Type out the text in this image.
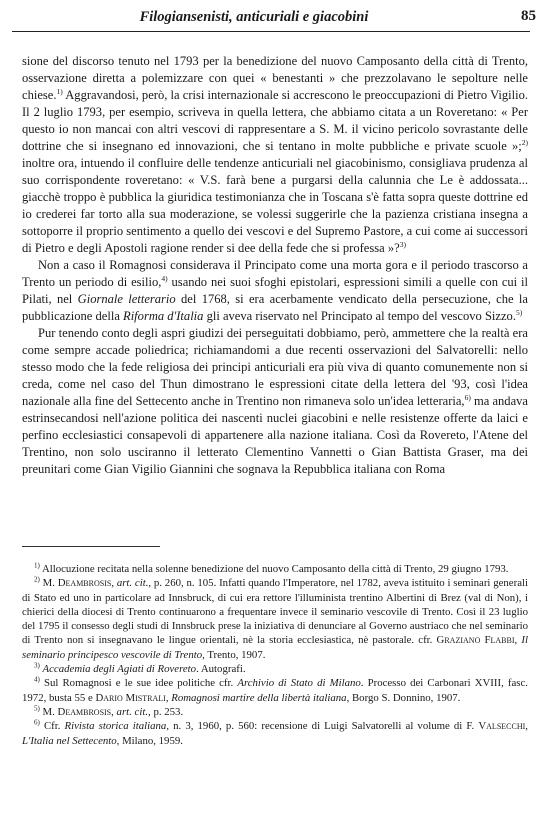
Filogiansenisti, anticuriali e giacobini	85

sione del discorso tenuto nel 1793 per la benedizione del nuovo Camposanto della città di Trento, osservazione diretta a polemizzare con quei « benestanti » che prezzolavano le sepolture nelle chiese.$^{1)}$ Aggravandosi, però, la crisi internazionale si accrescono le preoccupazioni di Pietro Vigilio. Il 2 luglio 1793, per esempio, scriveva in quella lettera, che abbiamo citata a un Roveretano: « Per questo io non mancai con altri vescovi di rappresentare a S. M. il vicino pericolo sovrastante delle dottrine che si insegnano ed innovazioni, che si tentano in molte pubbliche e private scuole »;$^{2)}$ inoltre ora, intuendo il confluire delle tendenze anticuriali nel giacobinismo, consigliava prudenza al suo corrispondente roveretano: « V.S. farà bene a purgarsi della calunnia che Le è addossata... giacchè troppo è pubblica la giuridica testimonianza che in Toscana s'è fatta sopra queste dottrine ed io crederei far torto alla sua moderazione, se volessi suggerirle che la pazienza cristiana insegna a sottoporre il proprio sentimento a quello dei vescovi e del Supremo Pastore, a cui come ai successori di Pietro e degli Apostoli ragione render si dee della fede che si professa »?$^{3)}$

Non a caso il Romagnosi considerava il Principato come una morta gora e il periodo trascorso a Trento un periodo di esilio,$^{4)}$ usando nei suoi sfoghi epistolari, espressioni simili a quelle con cui il Pilati, nel Giornale letterario del 1768, si era acerbamente vendicato della persecuzione, che la pubblicazione della Riforma d'Italia gli aveva riservato nel Principato al tempo del vescovo Sizzo.$^{5)}$

Pur tenendo conto degli aspri giudizi dei perseguitati dobbiamo, però, ammettere che la realtà era come sempre accade poliedrica; richiamandomi a due recenti osservazioni del Salvatorelli: nello stesso modo che la fede religiosa dei principi anticuriali era più viva di quanto comunemente non si creda, come nel caso del Thun dimostrano le espressioni citate della lettera del '93, così l'idea nazionale alla fine del Settecento anche in Trentino non rimaneva solo un'idea letteraria,$^{6)}$ ma andava estrinsecandosi nell'azione politica dei nascenti nuclei giacobini e nelle resistenze offerte da laici e perfino ecclesiastici consapevoli di appartenere alla nazione italiana. Così da Rovereto, l'Atene del Trentino, non solo usciranno il letterato Clementino Vannetti o Gian Battista Graser, ma dei preunitari come Gian Vigilio Giannini che sognava la Repubblica italiana con Roma

$^{1)}$ Allocuzione recitata nella solenne benedizione del nuovo Camposanto della città di Trento, 29 giugno 1793.

$^{2)}$ M. Deambrosis, art. cit., p. 260, n. 105. Infatti quando l'Imperatore, nel 1782, aveva istituito i seminari generali di Stato ed uno in particolare ad Innsbruck, di cui era rettore l'illuminista trentino Albertini di Brez (val di Non), i chierici della diocesi di Trento continuarono a frequentare invece il seminario vescovile di Trento. Così il 23 luglio del 1795 il consesso degli studi di Innsbruck prese la iniziativa di denunciare al Governo austriaco che nel seminario di Trento non si insegnavano le lingue orientali, nè la storia ecclesiastica, nè pastorale. cfr. Graziano Flabbi, Il seminario principesco vescovile di Trento, Trento, 1907.

$^{3)}$ Accademia degli Agiati di Rovereto. Autografi.

$^{4)}$ Sul Romagnosi e le sue idee politiche cfr. Archivio di Stato di Milano. Processo dei Carbonari XVIII, fasc. 1972, busta 55 e Dario Mistrali, Romagnosi martire della libertà italiana, Borgo S. Donnino, 1907.

$^{5)}$ M. Deambrosis, art. cit., p. 253.

$^{6)}$ Cfr. Rivista storica italiana, n. 3, 1960, p. 560: recensione di Luigi Salvatorelli al volume di F. Valsecchi, L'Italia nel Settecento, Milano, 1959.
